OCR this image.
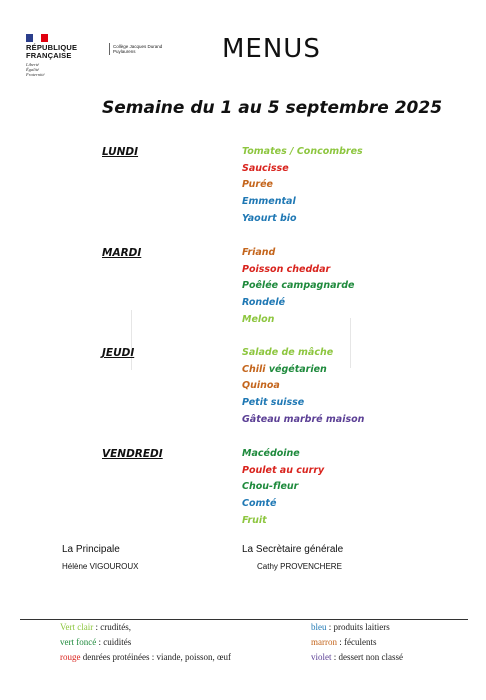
RÉPUBLIQUE
FRANÇAISE
Liberté
Égalité
Fraternité
Collège Jacques Durand
Puylaurens	MENUS
Semaine du 1 au 5 septembre 2025
LUNDI	Tomates / Concombres
Saucisse
Purée
Emmental
Yaourt bio
MARDI	Friand
Poisson cheddar
Poêlée campagnarde
Rondelé
Melon
JEUDI	Salade de mâche
Chili végétarien
Quinoa
Petit suisse
Gâteau marbré maison
VENDREDI	Macédoine
Poulet au curry
Chou-fleur
Comté
Fruit
La Principale
Hélène VIGOUROUX
La Secrètaire générale
Cathy PROVENCHERE
Vert clair : crudités,
vert foncé : cuidités
rouge denrées protéinées : viande, poisson, œuf
bleu : produits laitiers
marron : féculents
violet : dessert non classé
